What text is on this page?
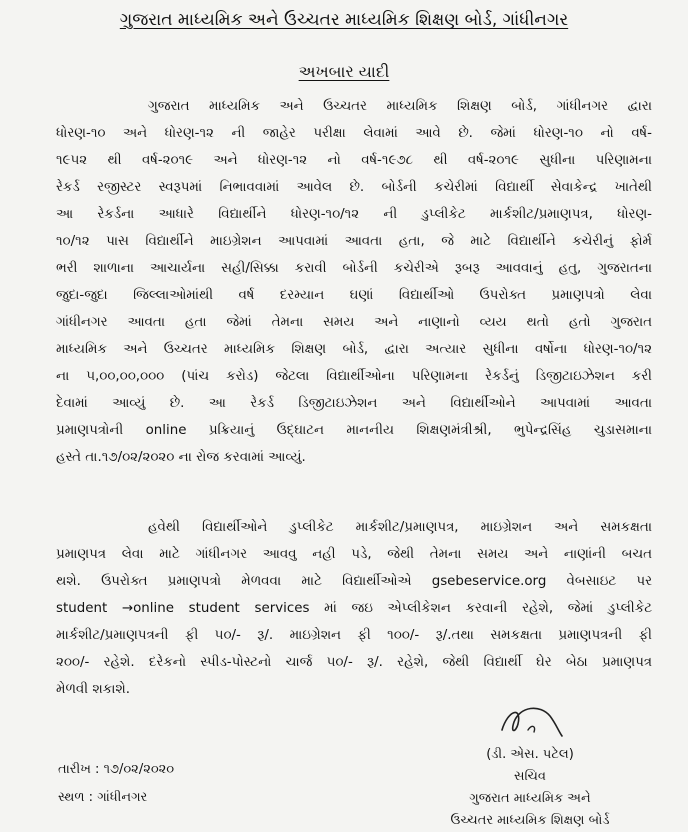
ગુજરાત માધ્યમિક અને ઉચ્ચતર માધ્યમિક શિક્ષણ બોર્ડ, ગાંધીનગર
અખબાર યાદી
ગુજરાત માધ્યમિક અને ઉચ્ચતર માધ્યમિક શિક્ષણ બોર્ડ, ગાંધીનગર દ્વારા
ધોરણ-૧૦ અને ધોરણ-૧૨ ની જાહેર પરીક્ષા લેવામાં આવે છે. જેમાં ધોરણ-૧૦ નો વર્ષ-
૧૯૫૨ થી વર્ષ-૨૦૧૯ અને ધોરણ-૧૨ નો વર્ષ-૧૯૭૮ થી વર્ષ-૨૦૧૯ સુધીના પરિણામના
રેકર્ડ રજીસ્ટર સ્વરૂપમાં નિભાવવામાં આવેલ છે. બોર્ડની કચેરીમાં વિદ્યાર્થી સેવાકેન્દ્ર ખાતેથી
આ રેકર્ડના આધારે વિદ્યાર્થીને ધોરણ-૧૦/૧૨ ની ડુપ્લીકેટ માર્કશીટ/પ્રમાણપત્ર, ધોરણ-
૧૦/૧૨ પાસ વિદ્યાર્થીને માઇગ્રેશન આપવામાં આવતા હતા, જે માટે વિદ્યાર્થીને કચેરીનું ફોર્મ
ભરી શાળાના આચાર્યના સહી/સિક્કા કરાવી બોર્ડની કચેરીએ રૂબરૂ આવવાનું હતુ, ગુજરાતના
જુદા-જુદા જિલ્લાઓમાંથી વર્ષ દરમ્યાન ઘણાં વિદ્યાર્થીઓ ઉપરોક્ત પ્રમાણપત્રો લેવા
ગાંધીનગર આવતા હતા જેમાં તેમના સમય અને નાણાનો વ્યય થતો હતો ગુજરાત
માધ્યમિક અને ઉચ્ચતર માધ્યમિક શિક્ષણ બોર્ડ, દ્વારા અત્યાર સુધીના વર્ષોના ધોરણ-૧૦/૧૨
ના ૫,૦૦,૦૦,૦૦૦ (પાંચ કરોડ) જેટલા વિદ્યાર્થીઓના પરિણામના રેકર્ડનું ડિજીટાઇઝેશન કરી
દેવામાં આવ્યું છે. આ રેકર્ડ ડિજીટાઇઝેશન અને વિદ્યાર્થીઓને આપવામાં આવતા
પ્રમાણપત્રોની online પ્રક્રિયાનું ઉદ્‌ઘાટન માનનીય શિક્ષણમંત્રીશ્રી, ભુપેન્દ્રસિંહ ચુડાસમાના
હસ્તે તા.૧૭/૦૨/૨૦૨૦ ના રોજ કરવામાં આવ્યું.
હવેથી વિદ્યાર્થીઓને ડુપ્લીકેટ માર્કશીટ/પ્રમાણપત્ર, માઇગ્રેશન અને સમકક્ષતા
પ્રમાણપત્ર લેવા માટે ગાંધીનગર આવવુ નહી પડે, જેથી તેમના સમય અને નાણાંની બચત
થશે. ઉપરોક્ત પ્રમાણપત્રો મેળવવા માટે વિદ્યાર્થીઓએ gsebeservice.org વેબસાઇટ પર
student →online student services માં જઇ એપ્લીકેશન કરવાની રહેશે, જેમાં ડુપ્લીકેટ
માર્કશીટ/પ્રમાણપત્રની ફી ૫૦/- રૂ/. માઇગ્રેશન ફી ૧૦૦/- રૂ/.તથા સમકક્ષતા પ્રમાણપત્રની ફી
૨૦૦/- રહેશે. દરેકનો સ્પીડ-પોસ્ટનો ચાર્જ ૫૦/- રૂ/. રહેશે, જેથી વિદ્યાર્થી ઘેર બેઠા પ્રમાણપત્ર
મેળવી શકાશે.
(ડી. એસ. પટેલ)
સચિવ
ગુજરાત માધ્યમિક અને
ઉચ્ચતર માધ્યમિક શિક્ષણ બોર્ડ
તારીખ : ૧૭/૦૨/૨૦૨૦
સ્થળ : ગાંધીનગર
